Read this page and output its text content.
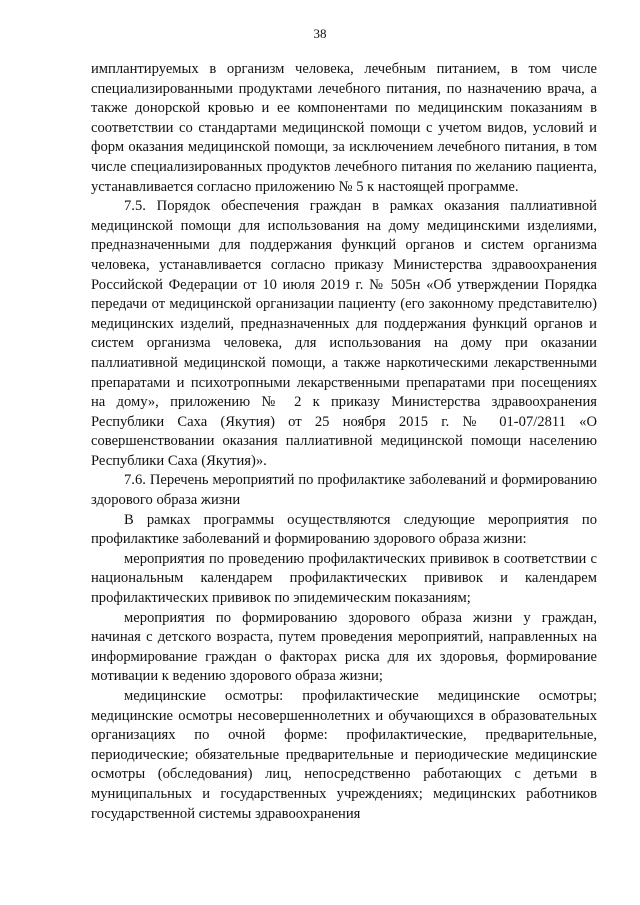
38

имплантируемых в организм человека, лечебным питанием, в том числе специализированными продуктами лечебного питания, по назначению врача, а также донорской кровью и ее компонентами по медицинским показаниям в соответствии со стандартами медицинской помощи с учетом видов, условий и форм оказания медицинской помощи, за исключением лечебного питания, в том числе специализированных продуктов лечебного питания по желанию пациента, устанавливается согласно приложению № 5 к настоящей программе.

7.5. Порядок обеспечения граждан в рамках оказания паллиативной медицинской помощи для использования на дому медицинскими изделиями, предназначенными для поддержания функций органов и систем организма человека, устанавливается согласно приказу Министерства здравоохранения Российской Федерации от 10 июля 2019 г. № 505н «Об утверждении Порядка передачи от медицинской организации пациенту (его законному представителю) медицинских изделий, предназначенных для поддержания функций органов и систем организма человека, для использования на дому при оказании паллиативной медицинской помощи, а также наркотическими лекарственными препаратами и психотропными лекарственными препаратами при посещениях на дому», приложению № 2 к приказу Министерства здравоохранения Республики Саха (Якутия) от 25 ноября 2015 г. № 01-07/2811 «О совершенствовании оказания паллиативной медицинской помощи населению Республики Саха (Якутия)».

7.6. Перечень мероприятий по профилактике заболеваний и формированию здорового образа жизни

В рамках программы осуществляются следующие мероприятия по профилактике заболеваний и формированию здорового образа жизни:

мероприятия по проведению профилактических прививок в соответствии с национальным календарем профилактических прививок и календарем профилактических прививок по эпидемическим показаниям;

мероприятия по формированию здорового образа жизни у граждан, начиная с детского возраста, путем проведения мероприятий, направленных на информирование граждан о факторах риска для их здоровья, формирование мотивации к ведению здорового образа жизни;

медицинские осмотры: профилактические медицинские осмотры; медицинские осмотры несовершеннолетних и обучающихся в образовательных организациях по очной форме: профилактические, предварительные, периодические; обязательные предварительные и периодические медицинские осмотры (обследования) лиц, непосредственно работающих с детьми в муниципальных и государственных учреждениях; медицинских работников государственной системы здравоохранения
